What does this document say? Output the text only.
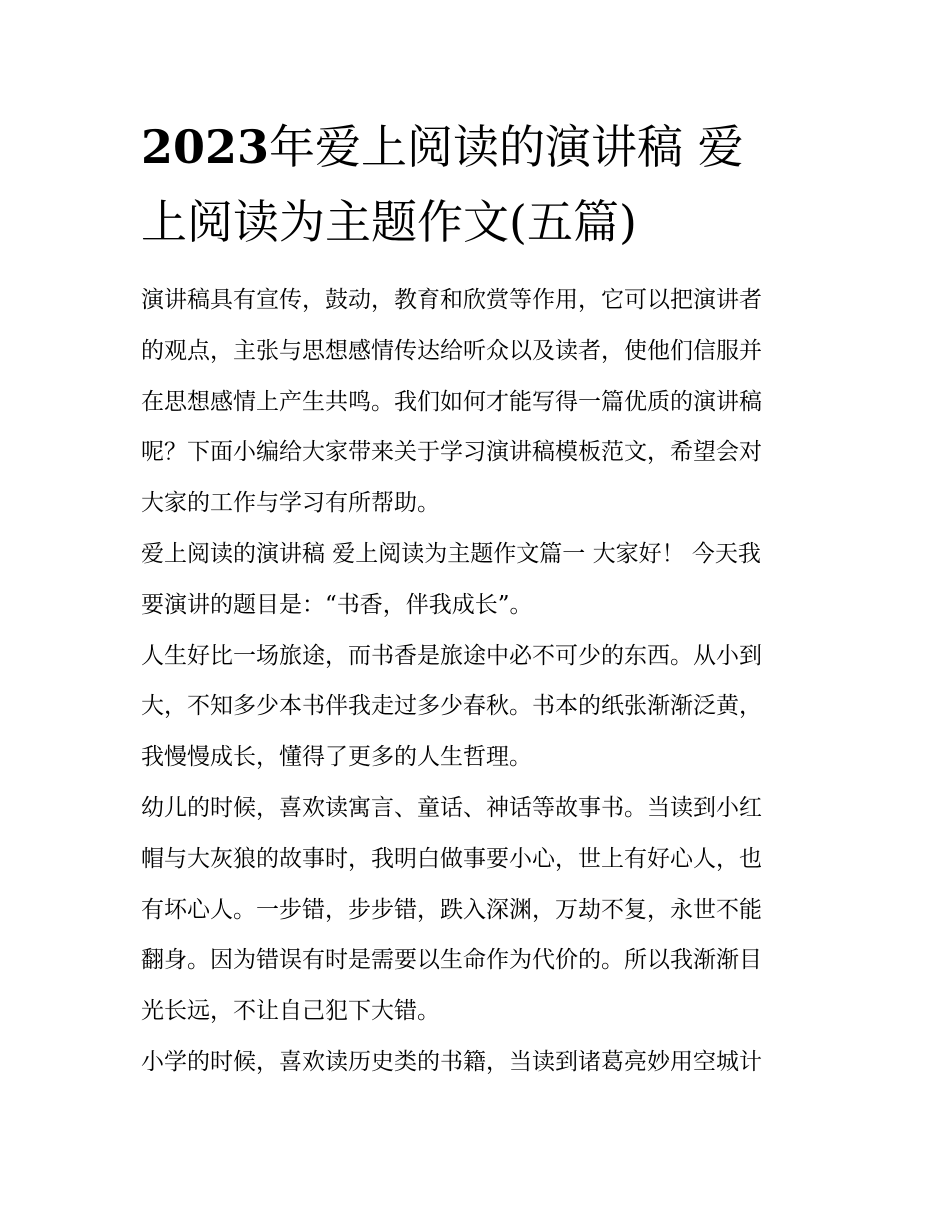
2023年爱上阅读的演讲稿 爱
上阅读为主题作文(五篇)
演讲稿具有宣传，鼓动，教育和欣赏等作用，它可以把演讲者
的观点，主张与思想感情传达给听众以及读者，使他们信服并
在思想感情上产生共鸣。我们如何才能写得一篇优质的演讲稿
呢？下面小编给大家带来关于学习演讲稿模板范文，希望会对
大家的工作与学习有所帮助。
爱上阅读的演讲稿 爱上阅读为主题作文篇一 大家好！ 今天我
要演讲的题目是：“书香，伴我成长”。
人生好比一场旅途，而书香是旅途中必不可少的东西。从小到
大，不知多少本书伴我走过多少春秋。书本的纸张渐渐泛黄，
我慢慢成长，懂得了更多的人生哲理。
幼儿的时候，喜欢读寓言、童话、神话等故事书。当读到小红
帽与大灰狼的故事时，我明白做事要小心，世上有好心人，也
有坏心人。一步错，步步错，跌入深渊，万劫不复，永世不能
翻身。因为错误有时是需要以生命作为代价的。所以我渐渐目
光长远，不让自己犯下大错。
小学的时候，喜欢读历史类的书籍，当读到诸葛亮妙用空城计
